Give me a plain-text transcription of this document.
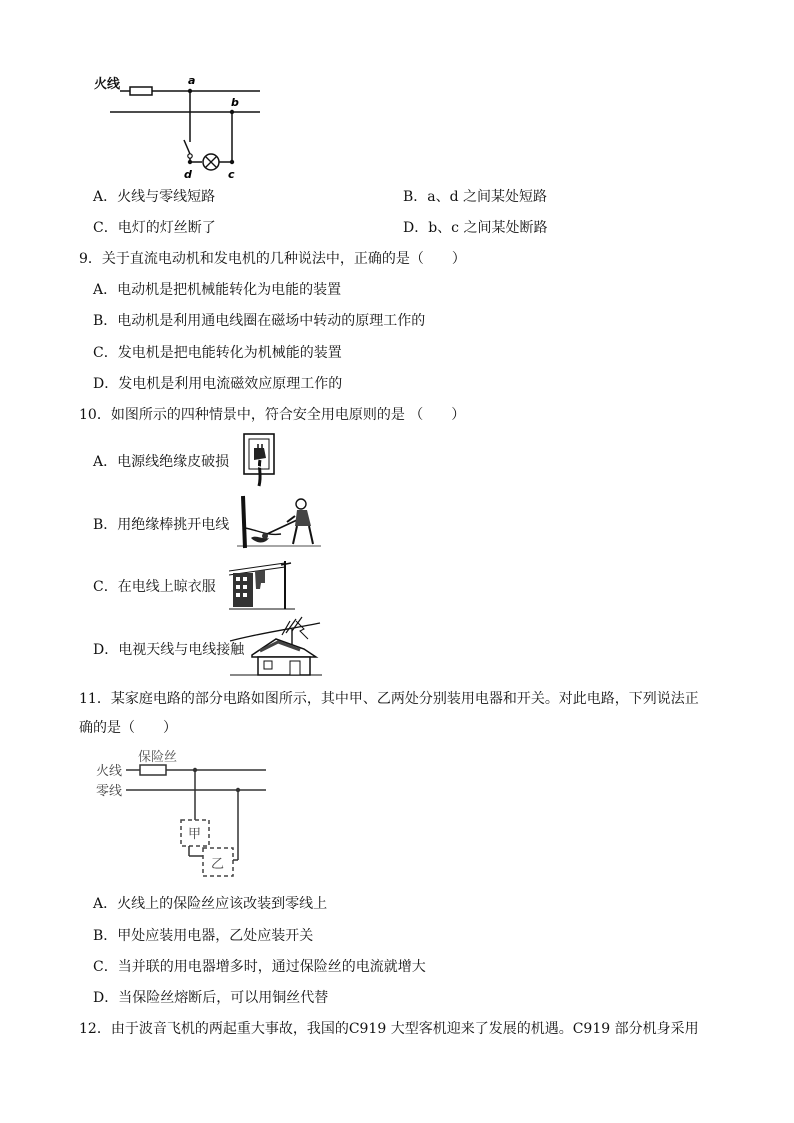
火线	a
b
d	c
A．火线与零线短路	B．a、d 之间某处短路
C．电灯的灯丝断了	D．b、c 之间某处断路
9．关于直流电动机和发电机的几种说法中，正确的是（　　）
A．电动机是把机械能转化为电能的装置
B．电动机是利用通电线圈在磁场中转动的原理工作的
C．发电机是把电能转化为机械能的装置
D．发电机是利用电流磁效应原理工作的
10．如图所示的四种情景中，符合安全用电原则的是 （　　）
A．电源线绝缘皮破损
B．用绝缘棒挑开电线
C．在电线上晾衣服
D．电视天线与电线接触
11．某家庭电路的部分电路如图所示，其中甲、乙两处分别装用电器和开关。对此电路，下列说法正
确的是（　　）
保险丝
火线
零线
甲
乙
A．火线上的保险丝应该改装到零线上
B．甲处应装用电器，乙处应装开关
C．当并联的用电器增多时，通过保险丝的电流就增大
D．当保险丝熔断后，可以用铜丝代替
12．由于波音飞机的两起重大事故，我国的C919 大型客机迎来了发展的机遇。C919 部分机身采用
